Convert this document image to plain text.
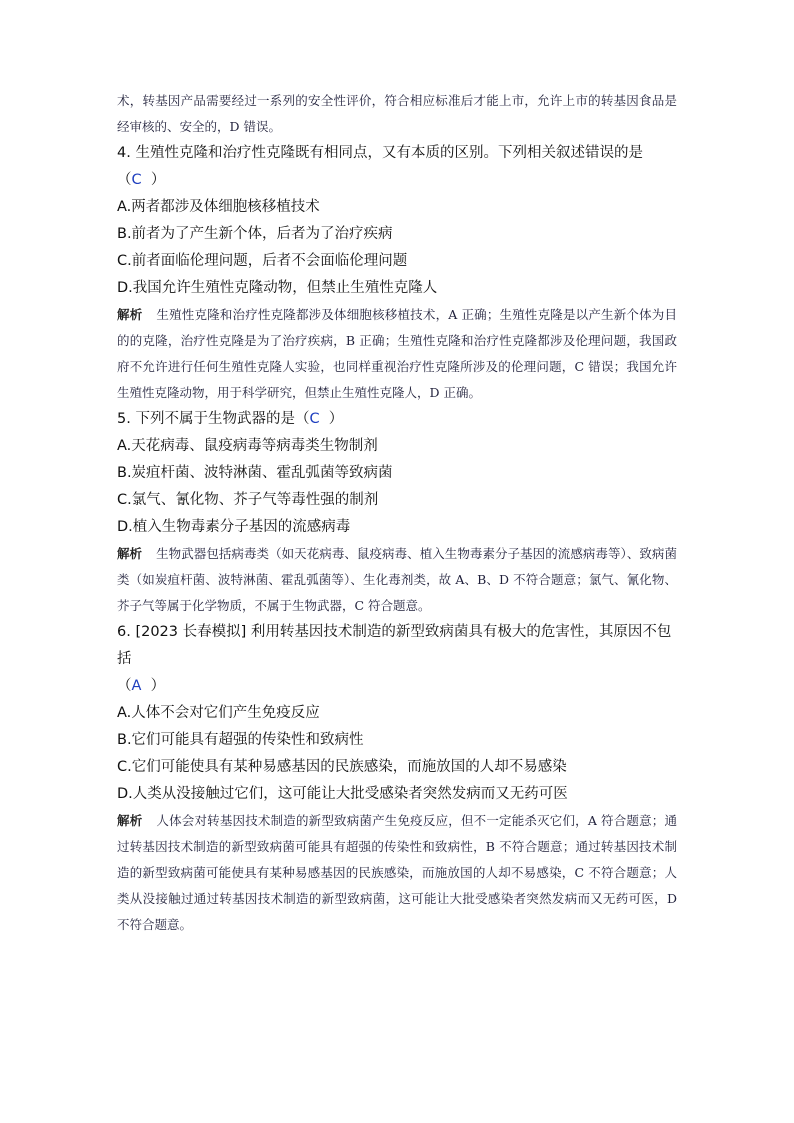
术，转基因产品需要经过一系列的安全性评价，符合相应标准后才能上市，允许上市的转基因食品是经审核的、安全的，D 错误。

4. 生殖性克隆和治疗性克隆既有相同点，又有本质的区别。下列相关叙述错误的是

（C ）

A.两者都涉及体细胞核移植技术

B.前者为了产生新个体，后者为了治疗疾病

C.前者面临伦理问题，后者不会面临伦理问题

D.我国允许生殖性克隆动物，但禁止生殖性克隆人

解析 生殖性克隆和治疗性克隆都涉及体细胞核移植技术，A 正确；生殖性克隆是以产生新个体为目的的克隆，治疗性克隆是为了治疗疾病，B 正确；生殖性克隆和治疗性克隆都涉及伦理问题，我国政府不允许进行任何生殖性克隆人实验，也同样重视治疗性克隆所涉及的伦理问题，C 错误；我国允许生殖性克隆动物，用于科学研究，但禁止生殖性克隆人，D 正确。

5. 下列不属于生物武器的是（C ）

A.天花病毒、鼠疫病毒等病毒类生物制剂

B.炭疽杆菌、波特淋菌、霍乱弧菌等致病菌

C.氯气、氰化物、芥子气等毒性强的制剂

D.植入生物毒素分子基因的流感病毒

解析 生物武器包括病毒类（如天花病毒、鼠疫病毒、植入生物毒素分子基因的流感病毒等）、致病菌类（如炭疽杆菌、波特淋菌、霍乱弧菌等）、生化毒剂类，故 A、B、D 不符合题意；氯气、氰化物、芥子气等属于化学物质，不属于生物武器，C 符合题意。

6. [2023 长春模拟] 利用转基因技术制造的新型致病菌具有极大的危害性，其原因不包括

（A ）

A.人体不会对它们产生免疫反应

B.它们可能具有超强的传染性和致病性

C.它们可能使具有某种易感基因的民族感染，而施放国的人却不易感染

D.人类从没接触过它们，这可能让大批受感染者突然发病而又无药可医

解析 人体会对转基因技术制造的新型致病菌产生免疫反应，但不一定能杀灭它们，A 符合题意；通过转基因技术制造的新型致病菌可能具有超强的传染性和致病性，B 不符合题意；通过转基因技术制造的新型致病菌可能使具有某种易感基因的民族感染，而施放国的人却不易感染，C 不符合题意；人类从没接触过通过转基因技术制造的新型致病菌，这可能让大批受感染者突然发病而又无药可医，D 不符合题意。
